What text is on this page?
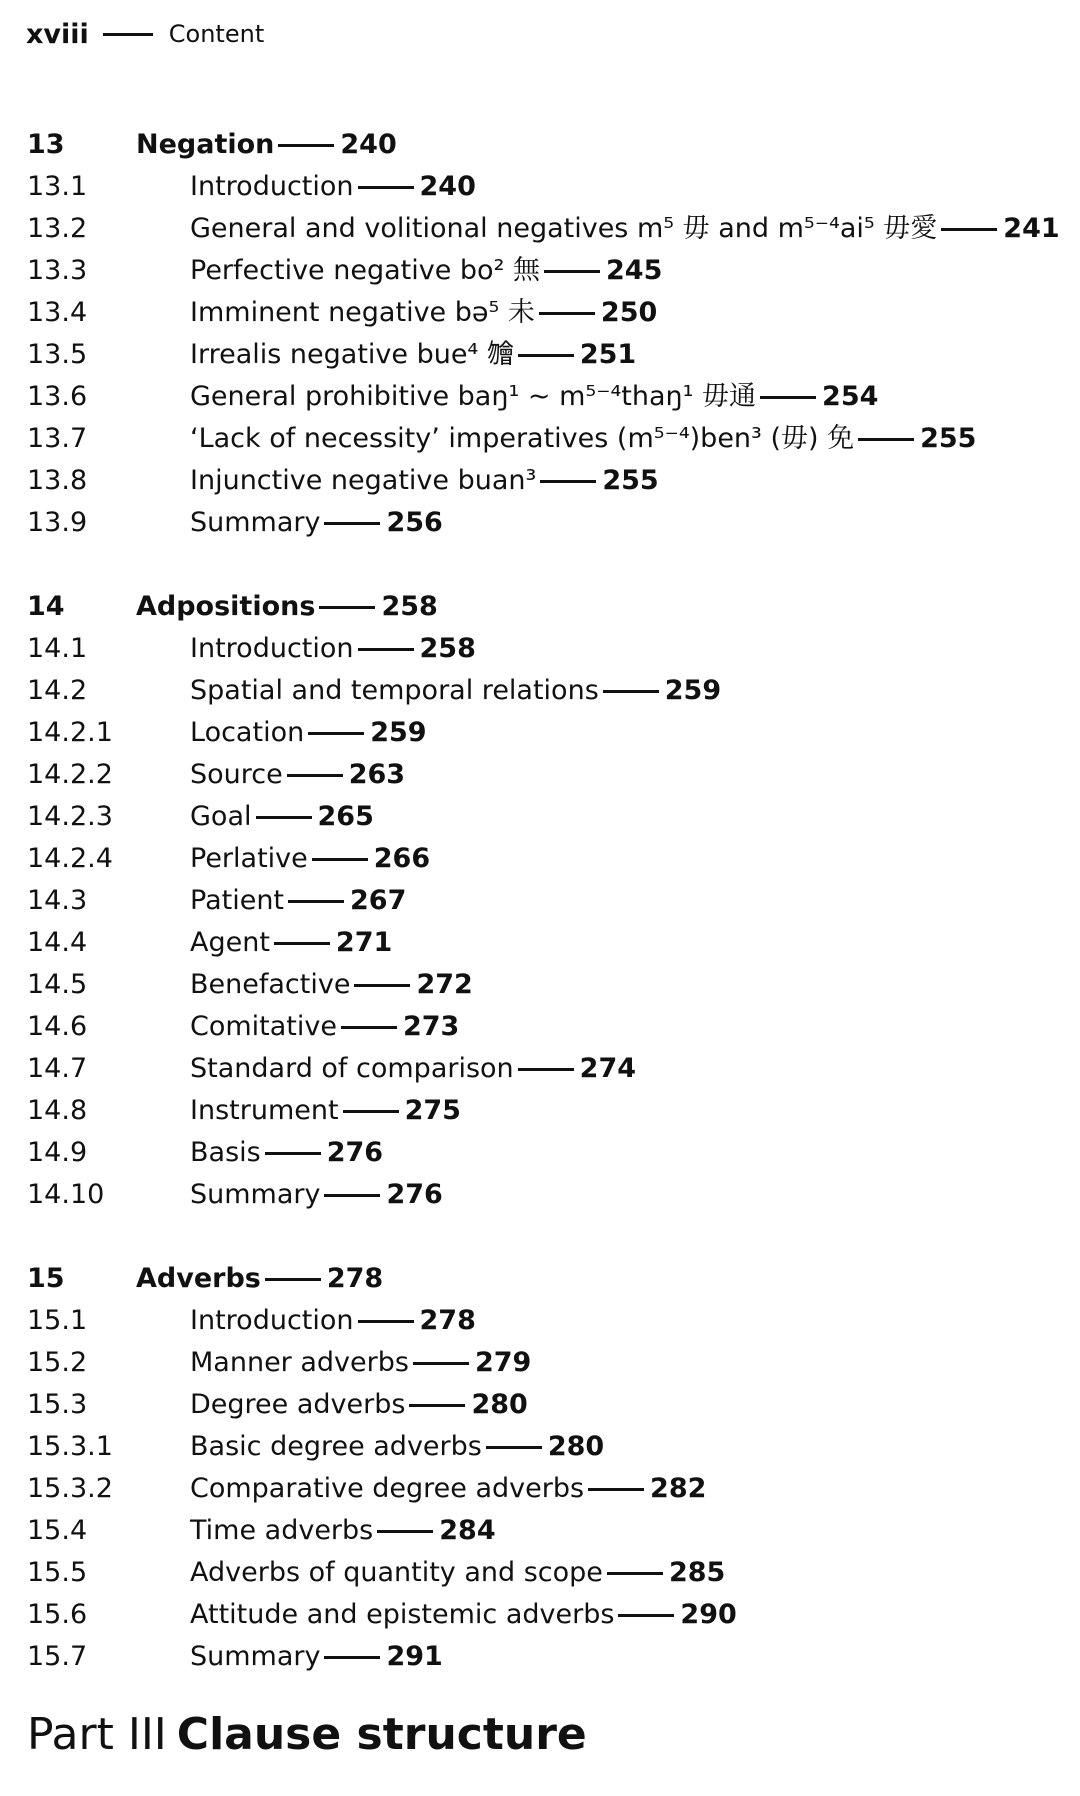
xviii	Content
13	Negation 240
13.1	Introduction 240
13.2	General and volitional negatives m⁵ 毋 and m⁵⁻⁴ai⁵ 毋愛 241
13.3	Perfective negative bo² 無 245
13.4	Imminent negative bə⁵ 未 250
13.5	Irrealis negative bue⁴ 𣍐 251
13.6	General prohibitive baŋ¹ ~ m⁵⁻⁴thaŋ¹ 毋通 254
13.7	‘Lack of necessity’ imperatives (m⁵⁻⁴)ben³ (毋) 免 255
13.8	Injunctive negative buan³ 255
13.9	Summary 256
14	Adpositions 258
14.1	Introduction 258
14.2	Spatial and temporal relations 259
14.2.1	Location 259
14.2.2	Source 263
14.2.3	Goal 265
14.2.4	Perlative 266
14.3	Patient 267
14.4	Agent 271
14.5	Benefactive 272
14.6	Comitative 273
14.7	Standard of comparison 274
14.8	Instrument 275
14.9	Basis 276
14.10	Summary 276
15	Adverbs 278
15.1	Introduction 278
15.2	Manner adverbs 279
15.3	Degree adverbs 280
15.3.1	Basic degree adverbs 280
15.3.2	Comparative degree adverbs 282
15.4	Time adverbs 284
15.5	Adverbs of quantity and scope 285
15.6	Attitude and epistemic adverbs 290
15.7	Summary 291
Part III Clause structure
